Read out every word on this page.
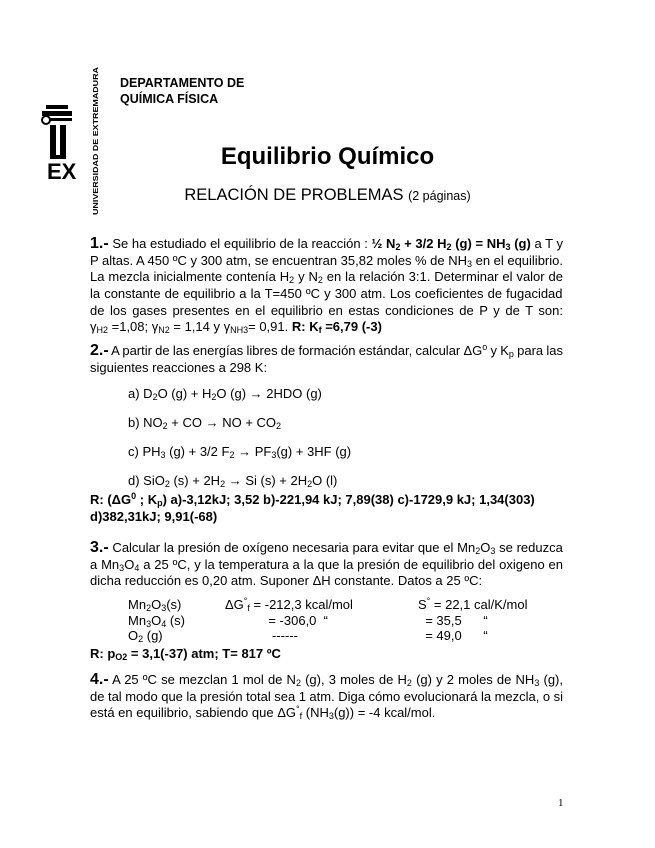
EX UNIVERSIDAD DE EXTREMADURA
DEPARTAMENTO DE
QUÍMICA FÍSICA
Equilibrio Químico
RELACIÓN DE PROBLEMAS (2 páginas)
1.- Se ha estudiado el equilibrio de la reacción : ½ $N_2 + 3/2$ $H_2$ $(g) = NH_3$ (g) a T y
P altas. A 450 ºC y 300 atm, se encuentran 35,82 moles % de $NH_3$ en el equilibrio.
La mezcla inicialmente contenía $H_2$ y $N_2$ en la relación 3:1. Determinar el valor de
la constante de equilibrio a la T=450 ºC y 300 atm. Los coeficientes de fugacidad
de los gases presentes en el equilibrio en estas condiciones de P y de T son:
$\gamma_{H2} =1,08$; $\gamma_{N2} = 1,14$ y $\gamma_{NH3}= 0,91$. R: $K_f =6,79$ (-3)
2.- A partir de las energías libres de formación estándar, calcular $\Delta G^o$ y $K_p$ para las
siguientes reacciones a 298 K:
a) $D_2O$ $(g) + H_2O$ (g) → 2HDO (g)
b) $NO_2$ + CO → NO + $CO_2$
c) $PH_3$ (g) + 3/2 $F_2 \to PF_3(g) + 3HF$ (g)
d) SiO$_2$ $(s) + 2H_2 \to Si$ $(s) + 2H_2O$ (l)
R: ($\Delta G^0$ ; $K_p$) a)-3,12kJ; 3,52 b)-221,94 kJ; 7,89(38) c)-1729,9 kJ; 1,34(303)
d)382,31kJ; 9,91(-68)
3.- Calcular la presión de oxígeno necesaria para evitar que el $Mn_2O_3$ se reduzca
a $Mn_3O_4$ a 25 ºC, y la temperatura a la que la presión de equilibrio del oxigeno en
dicha reducción es 0,20 atm. Suponer ΔH constante. Datos a 25 ºC:
$Mn_2O_3(s)$	$\Delta G^\circ_f = -212,3$ kcal/mol	S° = 22,1 cal/K/mol
$Mn_3O_4$ (s)	= -306,0  “	= 35,5      “
$O_2$ (g)	------	= 49,0      “
R: $p_{O2} = 3,1(-37)$ atm; T= 817 ºC
4.- A 25 ºC se mezclan 1 mol de $N_2$ (g), 3 moles de $H_2$ (g) y 2 moles de $NH_3$ (g),
de tal modo que la presión total sea 1 atm. Diga cómo evolucionará la mezcla, o si
está en equilibrio, sabiendo que $\Delta G^\circ_f$ $(NH_3(g)) = -4$ kcal/mol.
1
